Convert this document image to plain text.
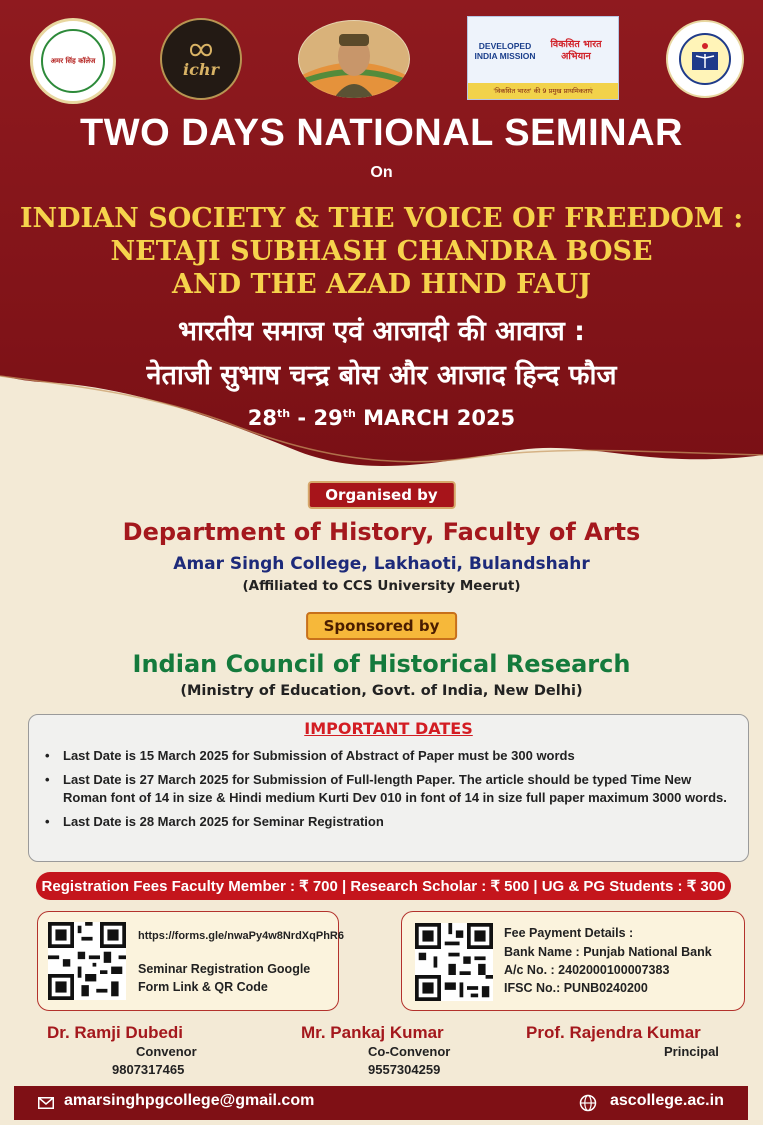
अमर सिंह कॉलेज	ichr
DEVELOPED INDIA MISSION
विकसित भारत अभियान
'विकसित भारत' की 9 प्रमुख प्राथमिकताएं
TWO DAYS NATIONAL SEMINAR
On
INDIAN SOCIETY & THE VOICE OF FREEDOM :
NETAJI SUBHASH CHANDRA BOSE
AND THE AZAD HIND FAUJ
भारतीय समाज एवं आजादी की आवाज :
नेताजी सुभाष चन्द्र बोस और आजाद हिन्द फौज
28th - 29th MARCH 2025
Organised by
Department of History, Faculty of Arts
Amar Singh College, Lakhaoti, Bulandshahr
(Affiliated to CCS University Meerut)
Sponsored by
Indian Council of Historical Research
(Ministry of Education, Govt. of India, New Delhi)
IMPORTANT DATES
• Last Date is 15 March 2025 for Submission of Abstract of Paper must be 300 words
• Last Date is 27 March 2025 for Submission of Full-length Paper. The article should be typed Time New Roman font of 14 in size & Hindi medium Kurti Dev 010 in font of 14 in size full paper maximum 3000 words.
• Last Date is 28 March 2025 for Seminar Registration
Registration Fees Faculty Member : ₹ 700 | Research Scholar : ₹ 500 | UG & PG Students : ₹ 300
https://forms.gle/nwaPy4w8NrdXqPhR6
Seminar Registration Google
Form Link & QR Code
Fee Payment Details :
Bank Name : Punjab National Bank
A/c No. : 2402000100007383
IFSC No.: PUNB0240200
Dr. Ramji Dubedi
Convenor
9807317465
Mr. Pankaj Kumar
Co-Convenor
9557304259
Prof. Rajendra Kumar
Principal
amarsinghpgcollege@gmail.com	ascollege.ac.in
